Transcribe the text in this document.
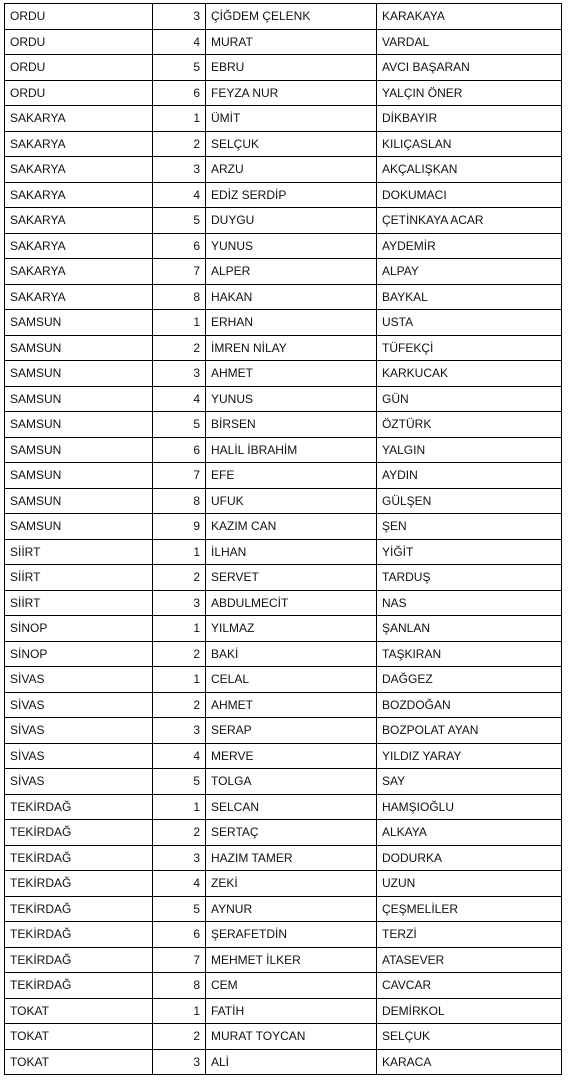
ORDU	3	ÇİĞDEM ÇELENK	KARAKAYA
ORDU	4	MURAT	VARDAL
ORDU	5	EBRU	AVCI BAŞARAN
ORDU	6	FEYZA NUR	YALÇIN ÖNER
SAKARYA	1	ÜMİT	DİKBAYIR
SAKARYA	2	SELÇUK	KILIÇASLAN
SAKARYA	3	ARZU	AKÇALIŞKAN
SAKARYA	4	EDİZ SERDİP	DOKUMACI
SAKARYA	5	DUYGU	ÇETİNKAYA ACAR
SAKARYA	6	YUNUS	AYDEMİR
SAKARYA	7	ALPER	ALPAY
SAKARYA	8	HAKAN	BAYKAL
SAMSUN	1	ERHAN	USTA
SAMSUN	2	İMREN NİLAY	TÜFEKÇİ
SAMSUN	3	AHMET	KARKUCAK
SAMSUN	4	YUNUS	GÜN
SAMSUN	5	BİRSEN	ÖZTÜRK
SAMSUN	6	HALİL İBRAHİM	YALGIN
SAMSUN	7	EFE	AYDIN
SAMSUN	8	UFUK	GÜLŞEN
SAMSUN	9	KAZIM CAN	ŞEN
SİİRT	1	İLHAN	YİĞİT
SİİRT	2	SERVET	TARDUŞ
SİİRT	3	ABDULMECİT	NAS
SİNOP	1	YILMAZ	ŞANLAN
SİNOP	2	BAKİ	TAŞKIRAN
SİVAS	1	CELAL	DAĞGEZ
SİVAS	2	AHMET	BOZDOĞAN
SİVAS	3	SERAP	BOZPOLAT AYAN
SİVAS	4	MERVE	YILDIZ YARAY
SİVAS	5	TOLGA	SAY
TEKİRDAĞ	1	SELCAN	HAMŞIOĞLU
TEKİRDAĞ	2	SERTAÇ	ALKAYA
TEKİRDAĞ	3	HAZIM TAMER	DODURKA
TEKİRDAĞ	4	ZEKİ	UZUN
TEKİRDAĞ	5	AYNUR	ÇEŞMELİLER
TEKİRDAĞ	6	ŞERAFETDİN	TERZİ
TEKİRDAĞ	7	MEHMET İLKER	ATASEVER
TEKİRDAĞ	8	CEM	CAVCAR
TOKAT	1	FATİH	DEMİRKOL
TOKAT	2	MURAT TOYCAN	SELÇUK
TOKAT	3	ALİ	KARACA
